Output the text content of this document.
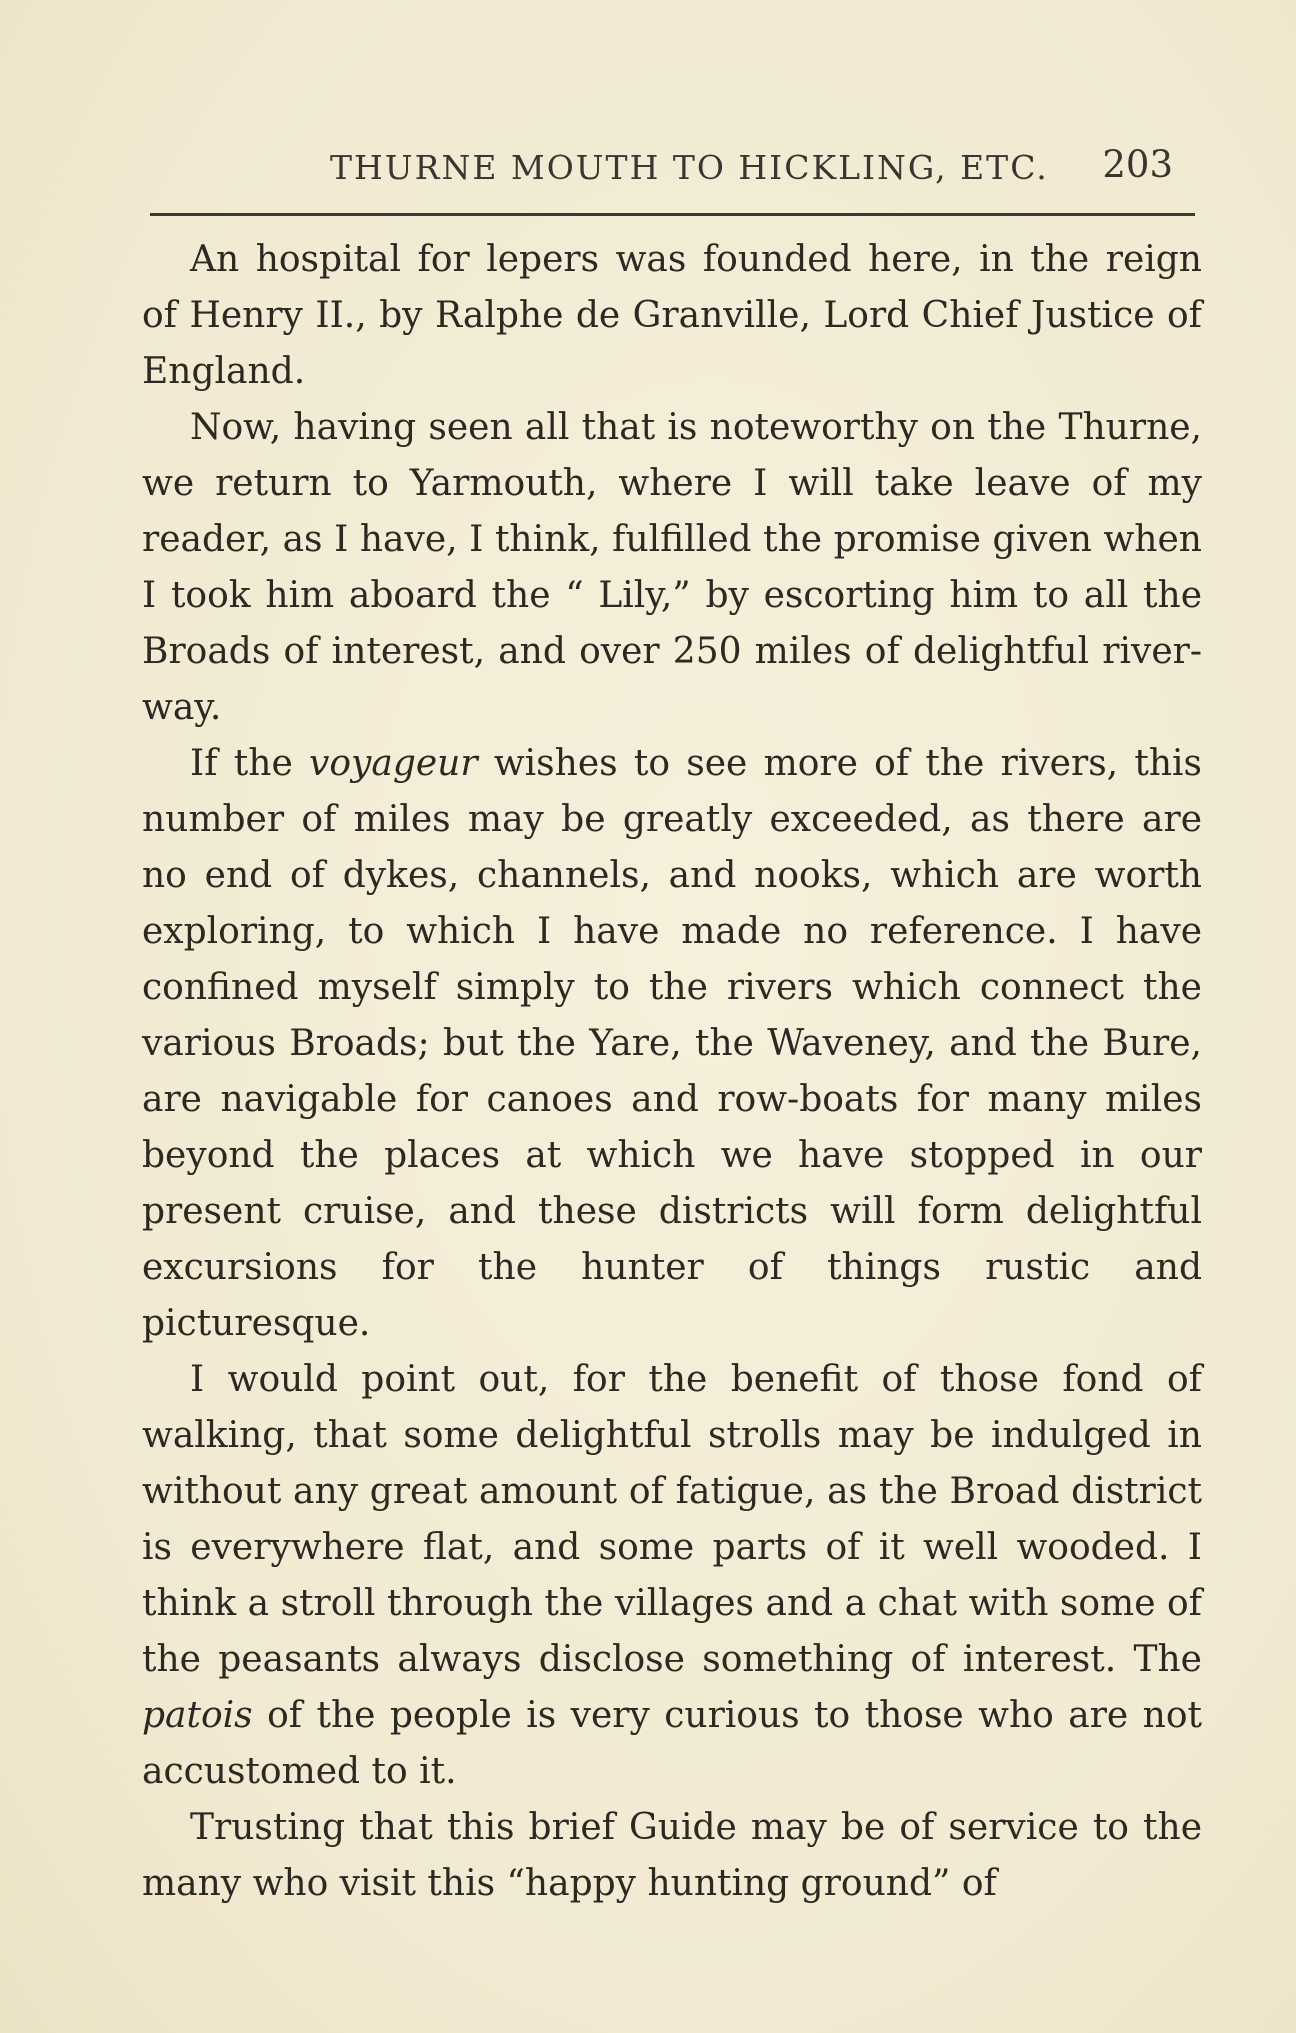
THURNE MOUTH TO HICKLING, ETC. 203

An hospital for lepers was founded here, in the reign of Henry II., by Ralphe de Granville, Lord Chief Justice of England.

Now, having seen all that is noteworthy on the Thurne, we return to Yarmouth, where I will take leave of my reader, as I have, I think, fulfilled the promise given when I took him aboard the “ Lily,” by escorting him to all the Broads of interest, and over 250 miles of delightful river-way.

If the voyageur wishes to see more of the rivers, this number of miles may be greatly exceeded, as there are no end of dykes, channels, and nooks, which are worth exploring, to which I have made no reference. I have confined myself simply to the rivers which connect the various Broads; but the Yare, the Waveney, and the Bure, are navigable for canoes and row-boats for many miles beyond the places at which we have stopped in our present cruise, and these districts will form delightful excursions for the hunter of things rustic and picturesque.

I would point out, for the benefit of those fond of walking, that some delightful strolls may be indulged in without any great amount of fatigue, as the Broad district is everywhere flat, and some parts of it well wooded. I think a stroll through the villages and a chat with some of the peasants always disclose something of interest. The patois of the people is very curious to those who are not accustomed to it.

Trusting that this brief Guide may be of service to the many who visit this “happy hunting ground” of
